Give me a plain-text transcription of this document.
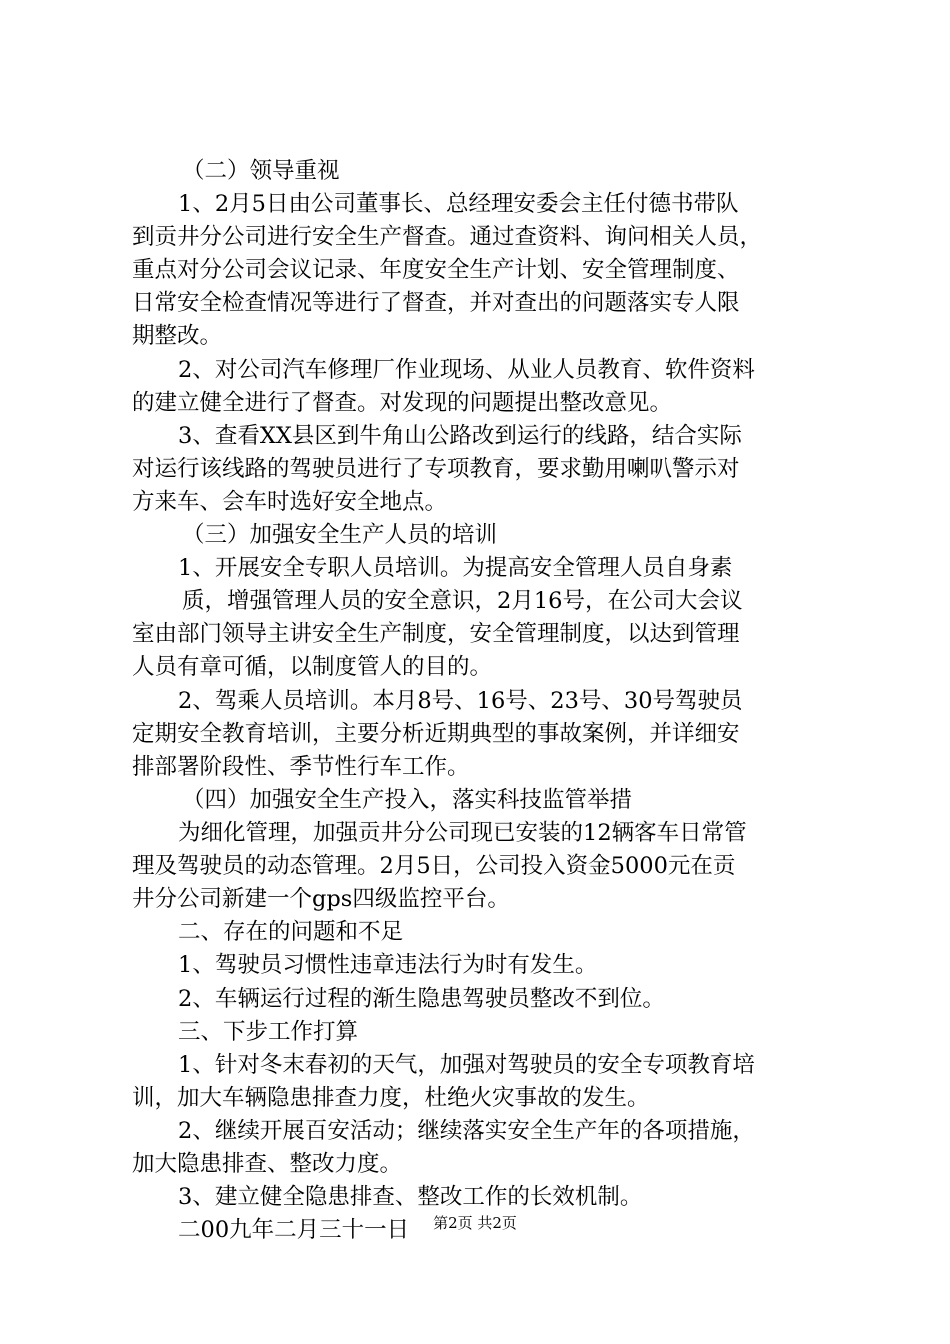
（二）领导重视
1、2月5日由公司董事长、总经理安委会主任付德书带队
到贡井分公司进行安全生产督查。通过查资料、询问相关人员，
重点对分公司会议记录、年度安全生产计划、安全管理制度、
日常安全检查情况等进行了督查，并对查出的问题落实专人限
期整改。
2、对公司汽车修理厂作业现场、从业人员教育、软件资料
的建立健全进行了督查。对发现的问题提出整改意见。
3、查看XX县区到牛角山公路改到运行的线路，结合实际
对运行该线路的驾驶员进行了专项教育，要求勤用喇叭警示对
方来车、会车时选好安全地点。
（三）加强安全生产人员的培训
1、开展安全专职人员培训。为提高安全管理人员自身素
质，增强管理人员的安全意识，2月16号，在公司大会议
室由部门领导主讲安全生产制度，安全管理制度，以达到管理
人员有章可循，以制度管人的目的。
2、驾乘人员培训。本月8号、16号、23号、30号驾驶员
定期安全教育培训，主要分析近期典型的事故案例，并详细安
排部署阶段性、季节性行车工作。
（四）加强安全生产投入，落实科技监管举措
为细化管理，加强贡井分公司现已安装的12辆客车日常管
理及驾驶员的动态管理。2月5日，公司投入资金5000元在贡
井分公司新建一个gps四级监控平台。
二、存在的问题和不足
1、驾驶员习惯性违章违法行为时有发生。
2、车辆运行过程的渐生隐患驾驶员整改不到位。
三、下步工作打算
1、针对冬末春初的天气，加强对驾驶员的安全专项教育培
训，加大车辆隐患排查力度，杜绝火灾事故的发生。
2、继续开展百安活动；继续落实安全生产年的各项措施，
加大隐患排查、整改力度。
3、建立健全隐患排查、整改工作的长效机制。
二00九年二月三十一日	第2页 共2页
